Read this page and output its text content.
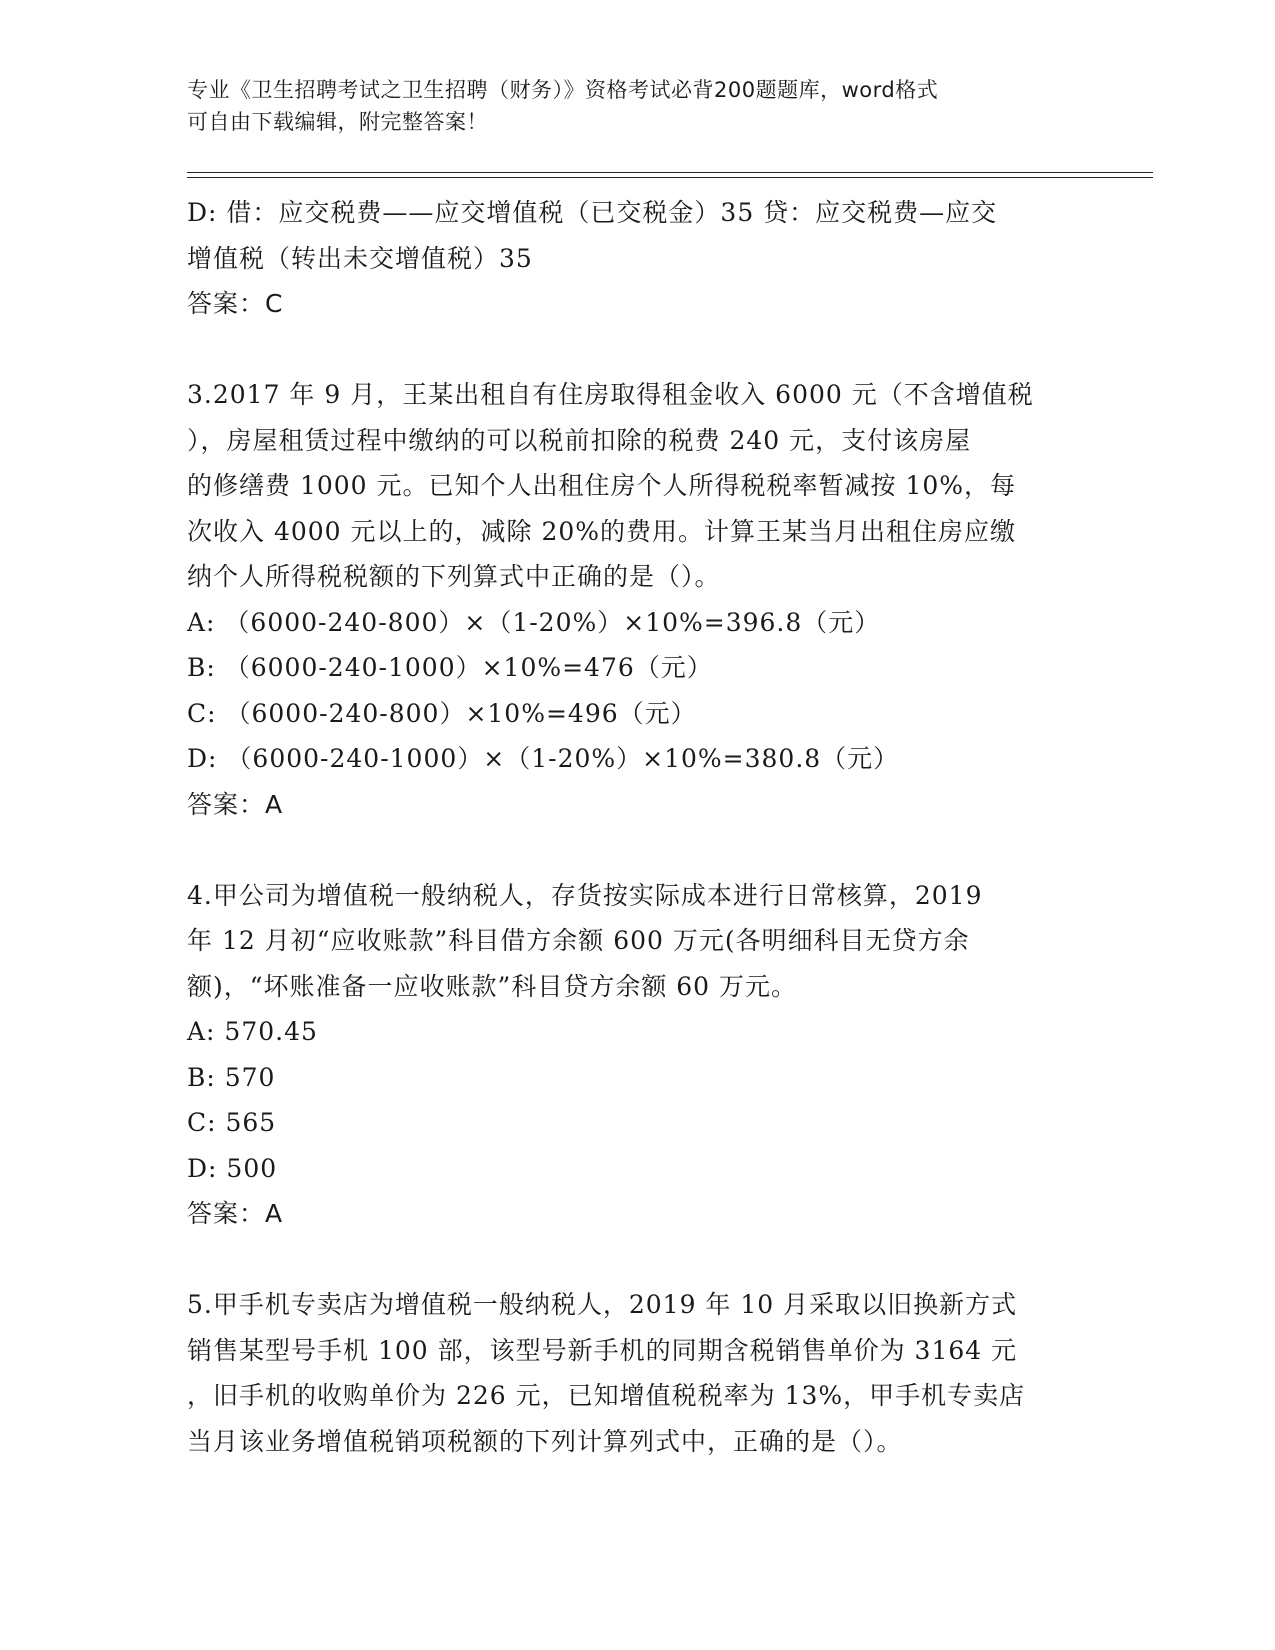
专业《卫生招聘考试之卫生招聘（财务）》资格考试必背200题题库，word格式
可自由下载编辑，附完整答案！
D: 借：应交税费——应交增值税（已交税金）35 贷：应交税费—应交
增值税（转出未交增值税）35
答案：C
3.2017 年 9 月，王某出租自有住房取得租金收入 6000 元（不含增值税
），房屋租赁过程中缴纳的可以税前扣除的税费 240 元，支付该房屋
的修缮费 1000 元。已知个人出租住房个人所得税税率暂减按 10%，每
次收入 4000 元以上的，减除 20%的费用。计算王某当月出租住房应缴
纳个人所得税税额的下列算式中正确的是（）。
A: （6000-240-800）×（1-20%）×10%=396.8（元）
B: （6000-240-1000）×10%=476（元）
C: （6000-240-800）×10%=496（元）
D: （6000-240-1000）×（1-20%）×10%=380.8（元）
答案：A
4.甲公司为增值税一般纳税人，存货按实际成本进行日常核算，2019
年 12 月初“应收账款”科目借方余额 600 万元(各明细科目无贷方余
额)，“坏账准备一应收账款”科目贷方余额 60 万元。
A: 570.45
B: 570
C: 565
D: 500
答案：A
5.甲手机专卖店为增值税一般纳税人，2019 年 10 月采取以旧换新方式
销售某型号手机 100 部，该型号新手机的同期含税销售单价为 3164 元
，旧手机的收购单价为 226 元，已知增值税税率为 13%，甲手机专卖店
当月该业务增值税销项税额的下列计算列式中，正确的是（）。
